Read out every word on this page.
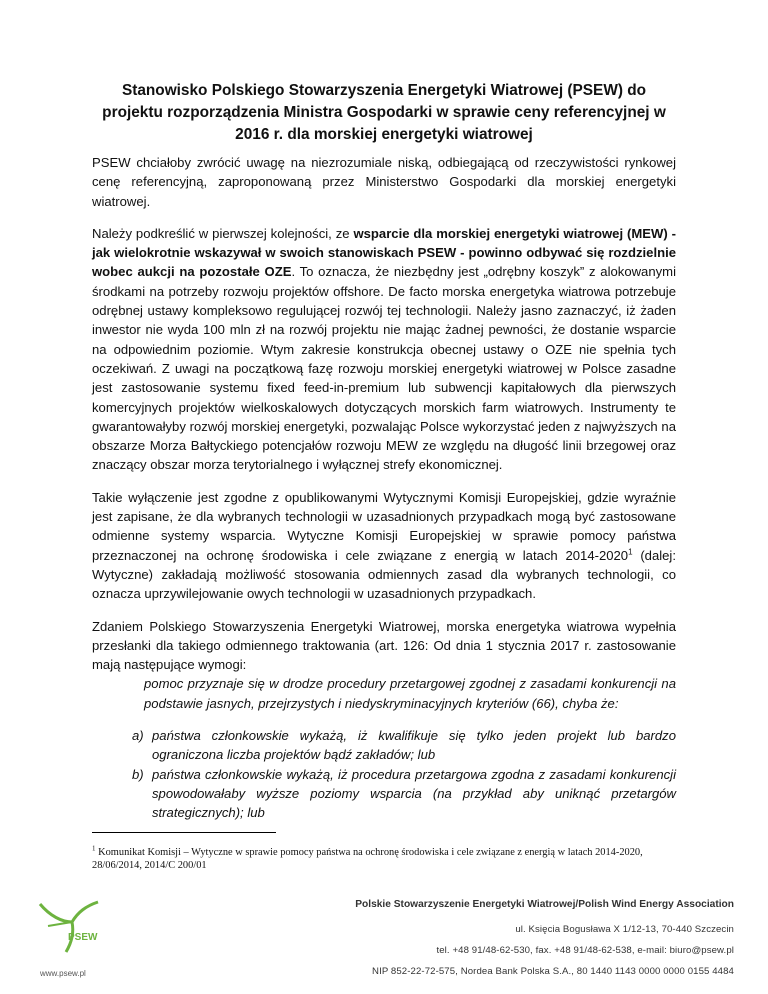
Stanowisko Polskiego Stowarzyszenia Energetyki Wiatrowej (PSEW) do projektu rozporządzenia Ministra Gospodarki w sprawie ceny referencyjnej w 2016 r. dla morskiej energetyki wiatrowej

PSEW chciałoby zwrócić uwagę na niezrozumiale niską, odbiegającą od rzeczywistości rynkowej cenę referencyjną, zaproponowaną przez Ministerstwo Gospodarki dla morskiej energetyki wiatrowej.

Należy podkreślić w pierwszej kolejności, ze wsparcie dla morskiej energetyki wiatrowej (MEW) - jak wielokrotnie wskazywał w swoich stanowiskach PSEW - powinno odbywać się rozdzielnie wobec aukcji na pozostałe OZE. To oznacza, że niezbędny jest „odrębny koszyk” z alokowanymi środkami na potrzeby rozwoju projektów offshore. De facto morska energetyka wiatrowa potrzebuje odrębnej ustawy kompleksowo regulującej rozwój tej technologii. Należy jasno zaznaczyć, iż żaden inwestor nie wyda 100 mln zł na rozwój projektu nie mając żadnej pewności, że dostanie wsparcie na odpowiednim poziomie. Wtym zakresie konstrukcja obecnej ustawy o OZE nie spełnia tych oczekiwań. Z uwagi na początkową fazę rozwoju morskiej energetyki wiatrowej w Polsce zasadne jest zastosowanie systemu fixed feed-in-premium lub subwencji kapitałowych dla pierwszych komercyjnych projektów wielkoskalowych dotyczących morskich farm wiatrowych. Instrumenty te gwarantowałyby rozwój morskiej energetyki, pozwalając Polsce wykorzystać jeden z najwyższych na obszarze Morza Bałtyckiego potencjałów rozwoju MEW ze względu na długość linii brzegowej oraz znaczący obszar morza terytorialnego i wyłącznej strefy ekonomicznej.

Takie wyłączenie jest zgodne z opublikowanymi Wytycznymi Komisji Europejskiej, gdzie wyraźnie jest zapisane, że dla wybranych technologii w uzasadnionych przypadkach mogą być zastosowane odmienne systemy wsparcia. Wytyczne Komisji Europejskiej w sprawie pomocy państwa przeznaczonej na ochronę środowiska i cele związane z energią w latach 2014-2020$^1$ (dalej: Wytyczne) zakładają możliwość stosowania odmiennych zasad dla wybranych technologii, co oznacza uprzywilejowanie owych technologii w uzasadnionych przypadkach.

Zdaniem Polskiego Stowarzyszenia Energetyki Wiatrowej, morska energetyka wiatrowa wypełnia przesłanki dla takiego odmiennego traktowania (art. 126: Od dnia 1 stycznia 2017 r. zastosowanie mają następujące wymogi:

pomoc przyznaje się w drodze procedury przetargowej zgodnej z zasadami konkurencji na podstawie jasnych, przejrzystych i niedyskryminacyjnych kryteriów (66), chyba że:

a) państwa członkowskie wykażą, iż kwalifikuje się tylko jeden projekt lub bardzo ograniczona liczba projektów bądź zakładów; lub
b) państwa członkowskie wykażą, iż procedura przetargowa zgodna z zasadami konkurencji spowodowałaby wyższe poziomy wsparcia (na przykład aby uniknąć przetargów strategicznych); lub
$^1$ Komunikat Komisji – Wytyczne w sprawie pomocy państwa na ochronę środowiska i cele związane z energią w latach 2014-2020, 28/06/2014, 2014/C 200/01
PSEW
www.psew.pl
Polskie Stowarzyszenie Energetyki Wiatrowej/Polish Wind Energy Association
ul. Księcia Bogusława X 1/12-13, 70-440 Szczecin
tel. +48 91/48-62-530, fax. +48 91/48-62-538, e-mail: biuro@psew.pl
NIP 852-22-72-575, Nordea Bank Polska S.A., 80 1440 1143 0000 0000 0155 4484
